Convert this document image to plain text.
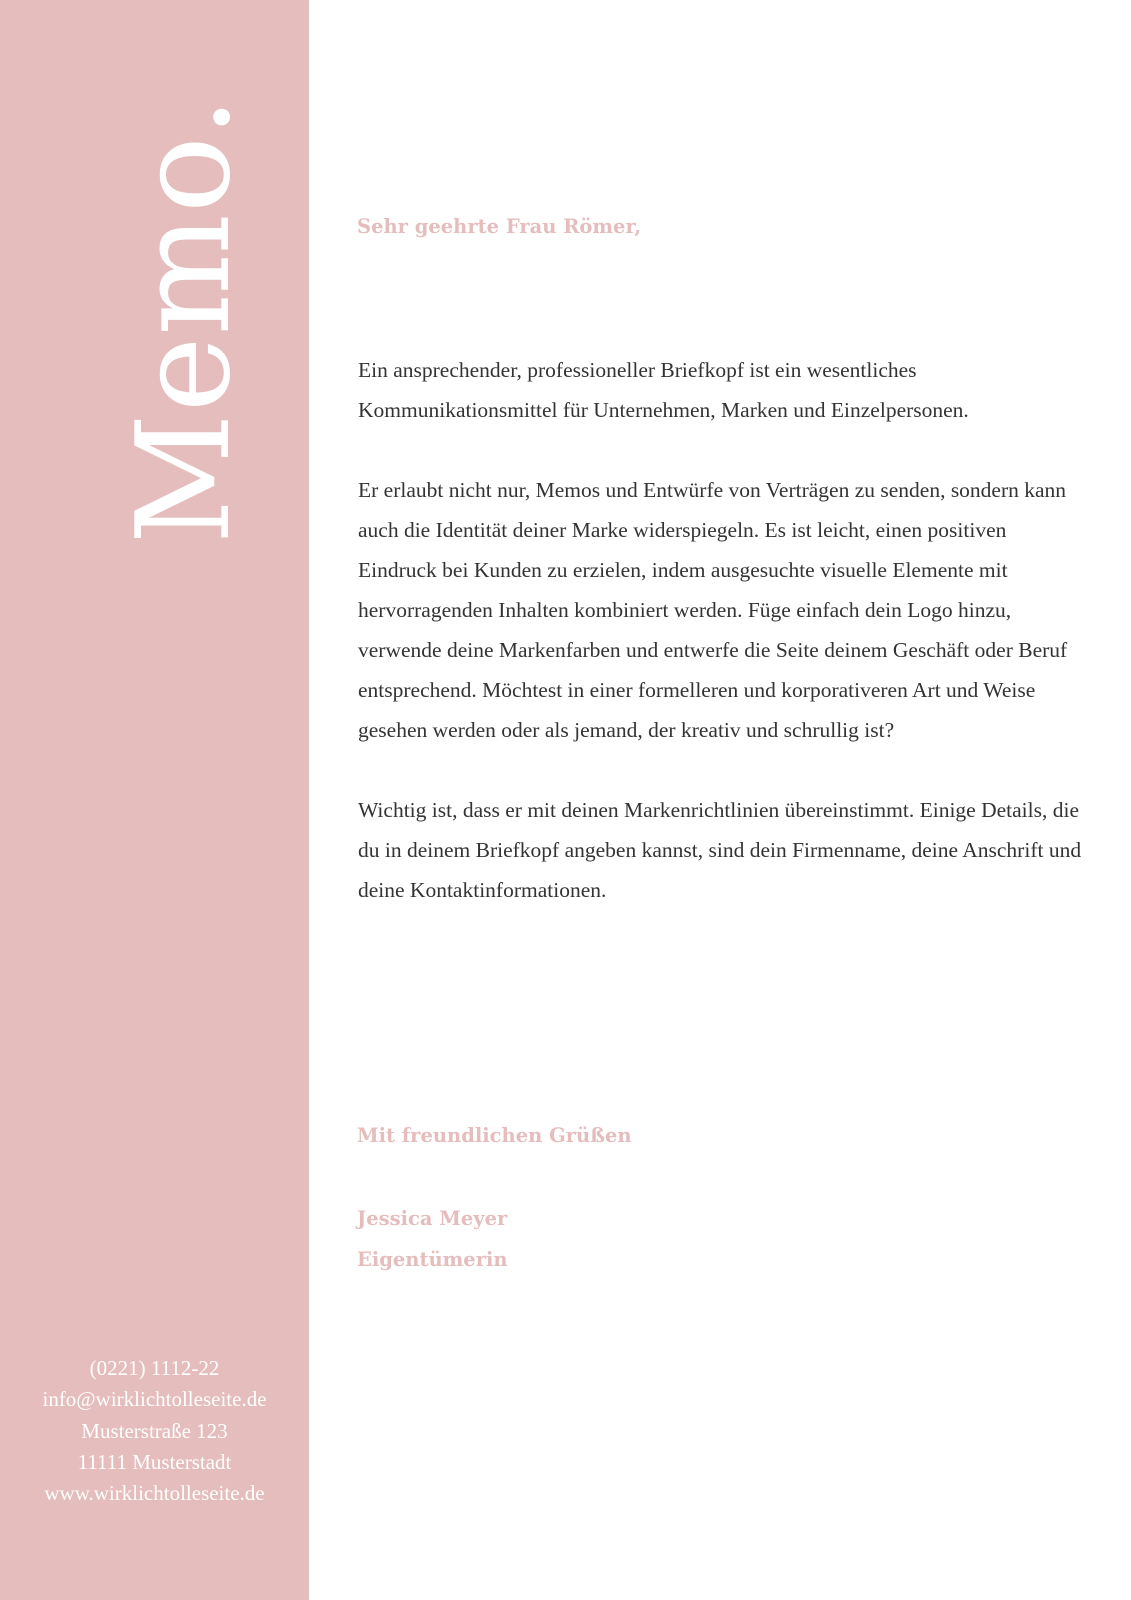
Memo.
(0221) 1112-22
info@wirklichtolleseite.de
Musterstraße 123
11111 Musterstadt
www.wirklichtolleseite.de
Sehr geehrte Frau Römer,

Ein ansprechender, professioneller Briefkopf ist ein wesentliches Kommunikationsmittel für Unternehmen, Marken und Einzelpersonen.

Er erlaubt nicht nur, Memos und Entwürfe von Verträgen zu senden, sondern kann auch die Identität deiner Marke widerspiegeln. Es ist leicht, einen positiven Eindruck bei Kunden zu erzielen, indem ausgesuchte visuelle Elemente mit hervorragenden Inhalten kombiniert werden. Füge einfach dein Logo hinzu, verwende deine Markenfarben und entwerfe die Seite deinem Geschäft oder Beruf entsprechend. Möchtest in einer formelleren und korporativeren Art und Weise gesehen werden oder als jemand, der kreativ und schrullig ist?

Wichtig ist, dass er mit deinen Markenrichtlinien übereinstimmt. Einige Details, die du in deinem Briefkopf angeben kannst, sind dein Firmenname, deine Anschrift und deine Kontaktinformationen.

Mit freundlichen Grüßen
Jessica Meyer
Eigentümerin
